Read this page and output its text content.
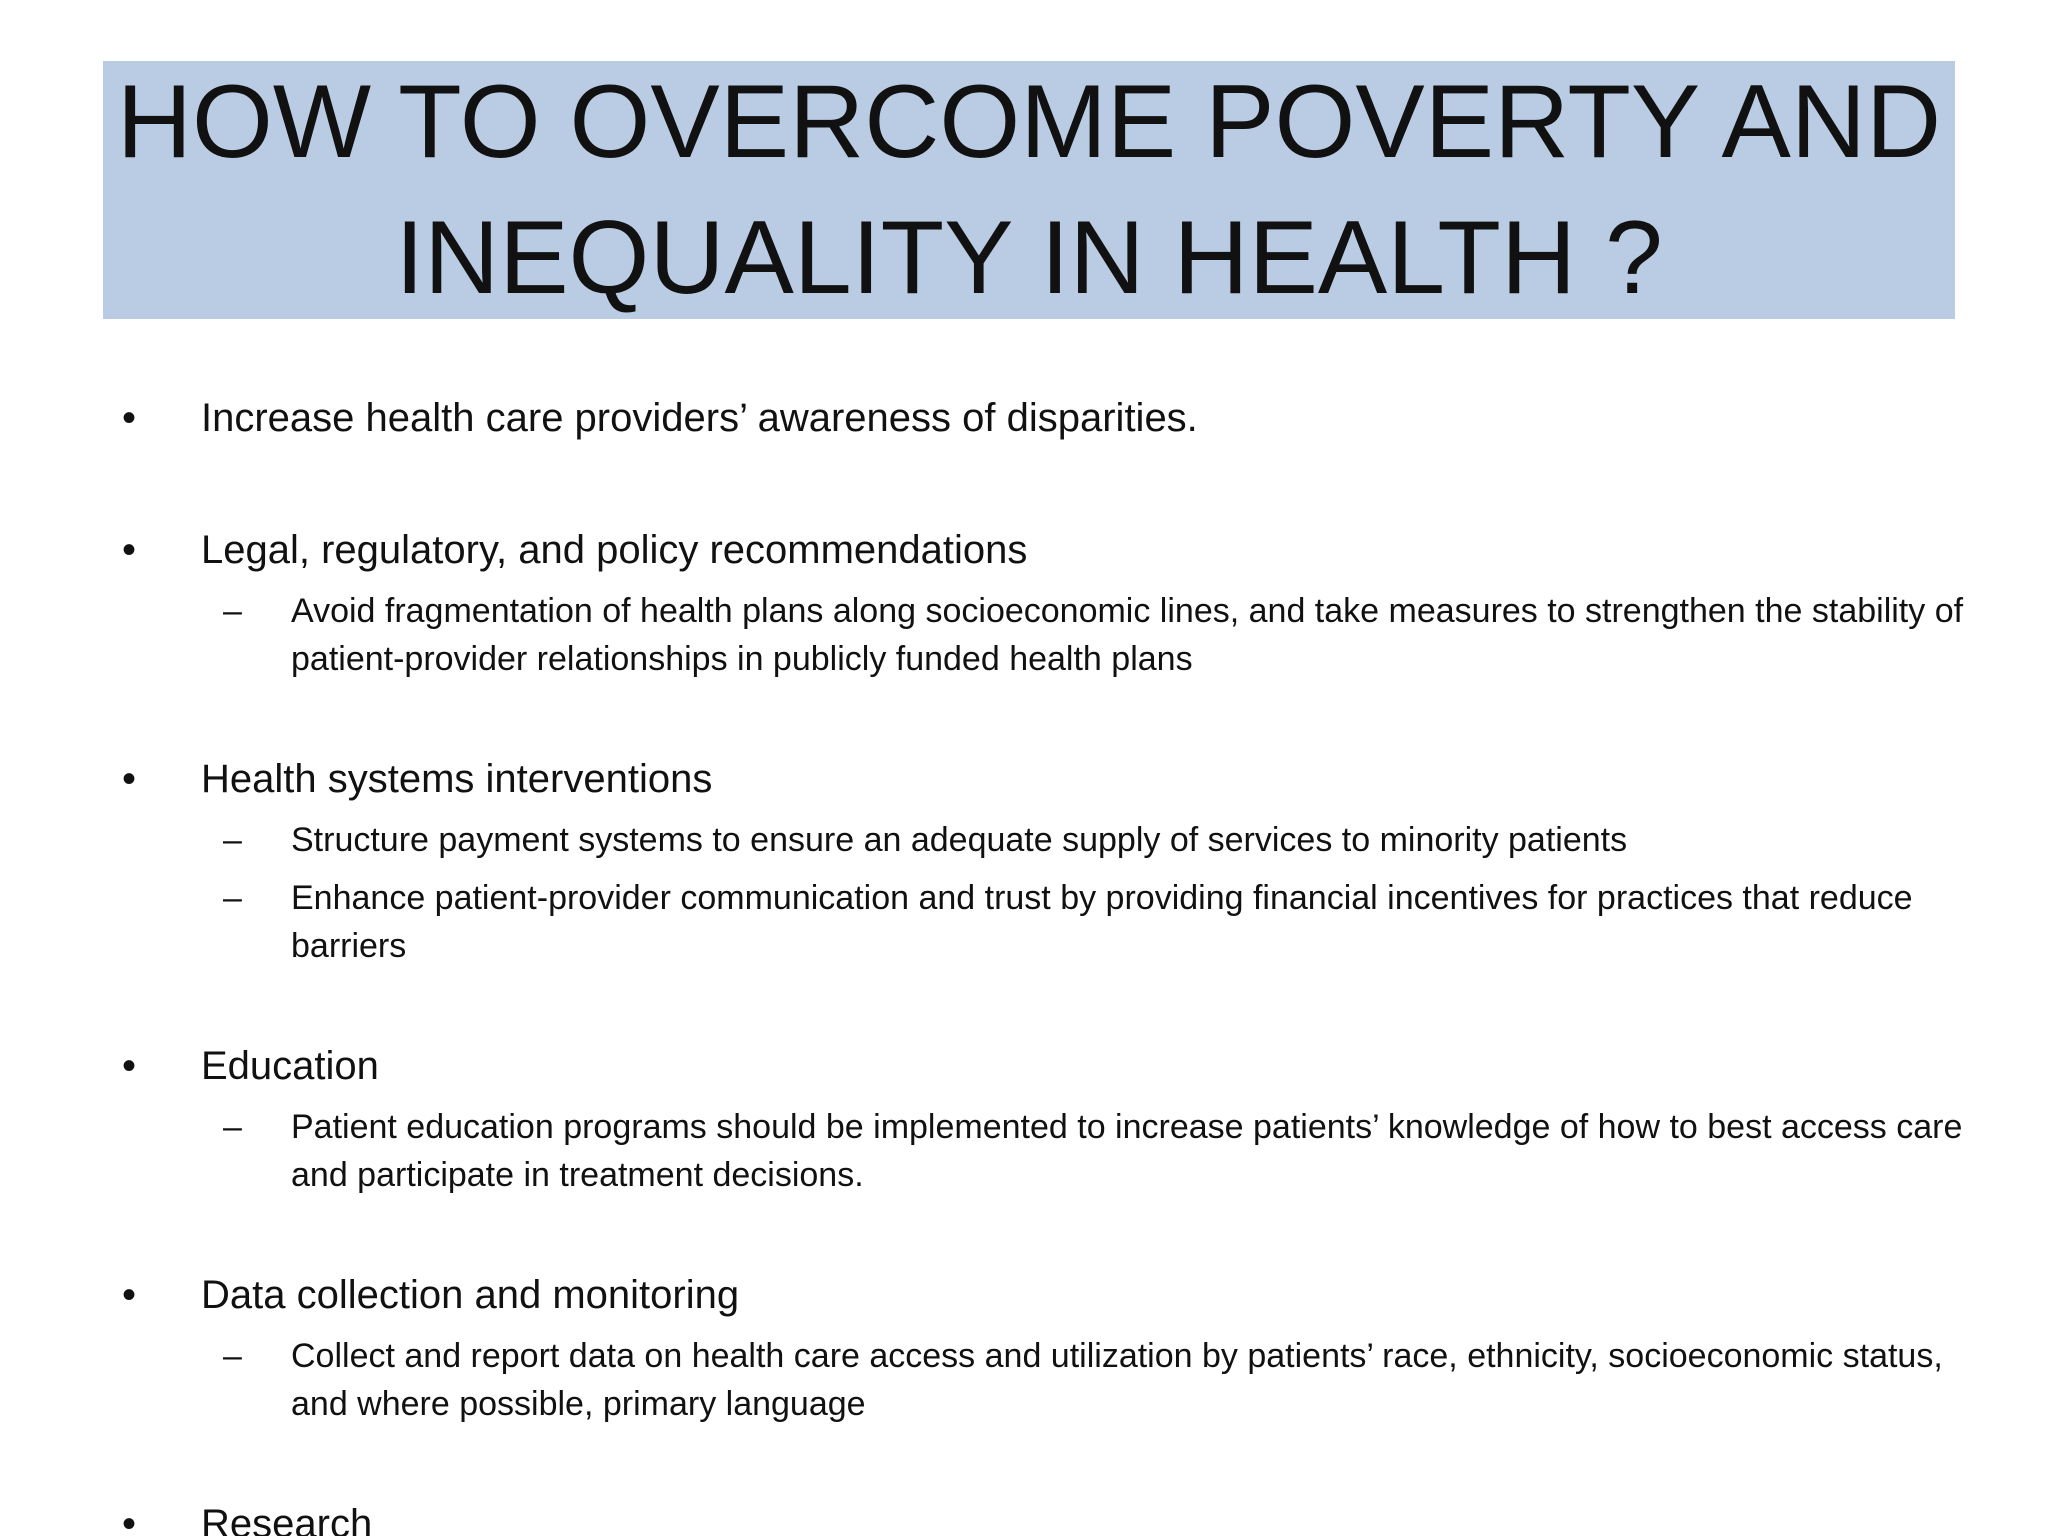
HOW TO OVERCOME POVERTY AND INEQUALITY IN HEALTH ?
• Increase health care providers’ awareness of disparities.
• Legal, regulatory, and policy recommendations
– Avoid fragmentation of health plans along socioeconomic lines, and take measures to strengthen the stability of patient-provider relationships in publicly funded health plans
• Health systems interventions
– Structure payment systems to ensure an adequate supply of services to minority patients
– Enhance patient-provider communication and trust by providing financial incentives for practices that reduce barriers
• Education
– Patient education programs should be implemented to increase patients’ knowledge of how to best access care and participate in treatment decisions.
• Data collection and monitoring
– Collect and report data on health care access and utilization by patients’ race, ethnicity, socioeconomic status, and where possible, primary language
• Research
